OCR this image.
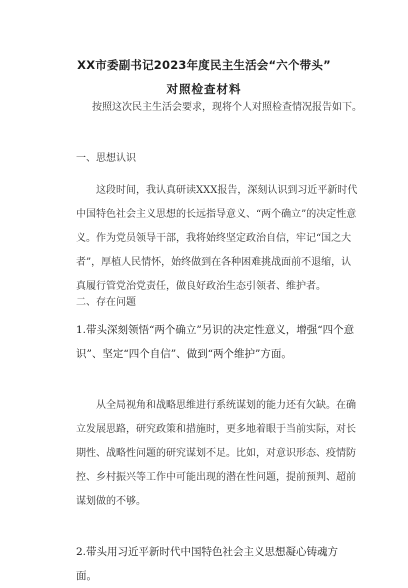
XX市委副书记2023年度民主生活会“六个带头”
对照检查材料
按照这次民主生活会要求，现将个人对照检查情况报告如下。
一、思想认识
这段时间，我认真研读XXX报告，深刻认识到习近平新时代中国特色社会主义思想的长远指导意义、“两个确立”的决定性意义。作为党员领导干部，我将始终坚定政治自信，牢记“国之大者”，厚植人民情怀，始终做到在各种困难挑战面前不退缩，认真履行管党治党责任，做良好政治生态引领者、维护者。
二、存在问题
1.带头深刻领悟“两个确立”另识的决定性意义，增强“四个意识”、坚定“四个自信”、做到“两个维护”方面。
从全局视角和战略思维进行系统谋划的能力还有欠缺。在确立发展思路，研究政策和措施时，更多地着眼于当前实际，对长期性、战略性问题的研究谋划不足。比如，对意识形态、疫情防控、乡村振兴等工作中可能出现的潜在性问题，提前预判、超前谋划做的不够。
2.带头用习近平新时代中国特色社会主义思想凝心铸魂方面。
